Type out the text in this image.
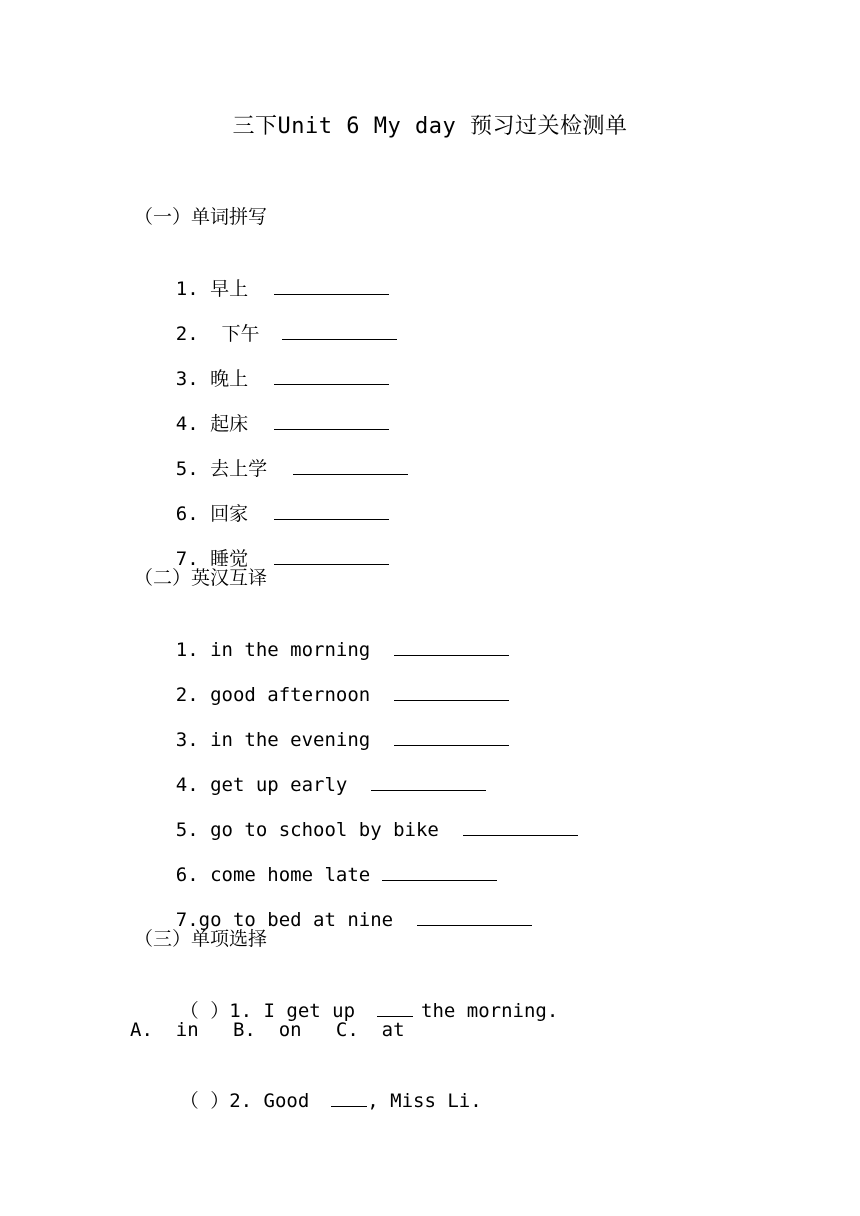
三下Unit 6 My day 预习过关检测单
（一）单词拼写

1. 早上

2.  下午

3. 晚上

4. 起床

5. 去上学

6. 回家

7. 睡觉

（二）英汉互译

1. in the morning

2. good afternoon

3. in the evening

4. get up early

5. go to school by bike

6. come home late

7.go to bed at nine

（三）单项选择

（ ）1. I get up	the morning.

A.  in   B.  on   C.  at

（ ）2. Good	, Miss Li.
